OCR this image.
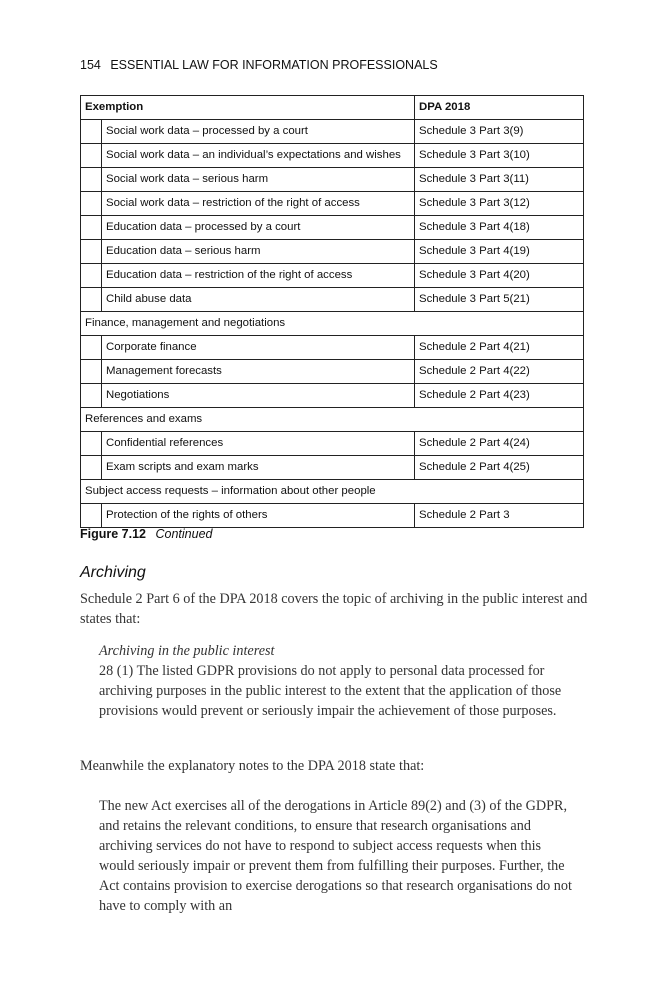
154 ESSENTIAL LAW FOR INFORMATION PROFESSIONALS
Exemption		DPA 2018
	Social work data – processed by a court	Schedule 3 Part 3(9)
	Social work data – an individual’s expectations and wishes	Schedule 3 Part 3(10)
	Social work data – serious harm	Schedule 3 Part 3(11)
	Social work data – restriction of the right of access	Schedule 3 Part 3(12)
	Education data – processed by a court	Schedule 3 Part 4(18)
	Education data – serious harm	Schedule 3 Part 4(19)
	Education data – restriction of the right of access	Schedule 3 Part 4(20)
	Child abuse data	Schedule 3 Part 5(21)
Finance, management and negotiations		
	Corporate finance	Schedule 2 Part 4(21)
	Management forecasts	Schedule 2 Part 4(22)
	Negotiations	Schedule 2 Part 4(23)
References and exams		
	Confidential references	Schedule 2 Part 4(24)
	Exam scripts and exam marks	Schedule 2 Part 4(25)
Subject access requests – information about other people		
	Protection of the rights of others	Schedule 2 Part 3
Figure 7.12 Continued
Archiving
Schedule 2 Part 6 of the DPA 2018 covers the topic of archiving in the public interest and states that:
Archiving in the public interest
28 (1) The listed GDPR provisions do not apply to personal data processed for archiving purposes in the public interest to the extent that the application of those provisions would prevent or seriously impair the achievement of those purposes.
Meanwhile the explanatory notes to the DPA 2018 state that:
The new Act exercises all of the derogations in Article 89(2) and (3) of the GDPR, and retains the relevant conditions, to ensure that research organisations and archiving services do not have to respond to subject access requests when this would seriously impair or prevent them from fulfilling their purposes. Further, the Act contains provision to exercise derogations so that research organisations do not have to comply with an
